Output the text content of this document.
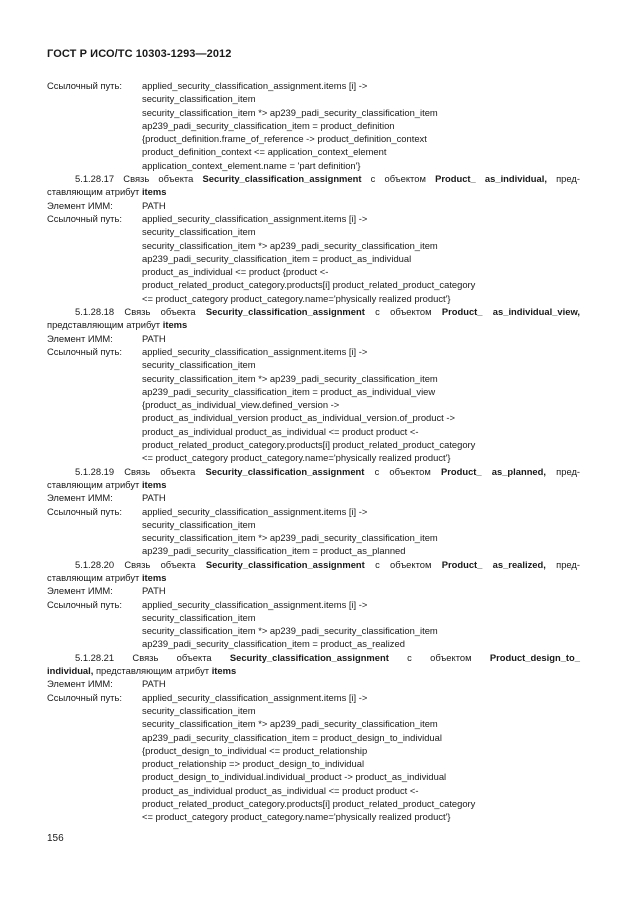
ГОСТ Р ИСО/ТС 10303-1293—2012
Ссылочный путь: applied_security_classification_assignment.items [i] ->
security_classification_item
security_classification_item *> ap239_padi_security_classification_item
ap239_padi_security_classification_item = product_definition
{product_definition.frame_of_reference -> product_definition_context
product_definition_context <= application_context_element
application_context_element.name = 'part definition'}
5.1.28.17 Связь объекта Security_classification_assignment с объектом Product_ as_individual, пред-
ставляющим атрибут items
Элемент ИММ:	PATH
Ссылочный путь: applied_security_classification_assignment.items [i] ->
security_classification_item
security_classification_item *> ap239_padi_security_classification_item
ap239_padi_security_classification_item = product_as_individual
product_as_individual <= product {product <-
product_related_product_category.products[i] product_related_product_category
<= product_category product_category.name='physically realized product'}
5.1.28.18 Связь объекта Security_classification_assignment с объектом Product_ as_individual_view,
представляющим атрибут items
Элемент ИММ:	PATH
Ссылочный путь: applied_security_classification_assignment.items [i] ->
security_classification_item
security_classification_item *> ap239_padi_security_classification_item
ap239_padi_security_classification_item = product_as_individual_view
{product_as_individual_view.defined_version ->
product_as_individual_version product_as_individual_version.of_product ->
product_as_individual product_as_individual <= product product <-
product_related_product_category.products[i] product_related_product_category
<= product_category product_category.name='physically realized product'}
5.1.28.19 Связь объекта Security_classification_assignment с объектом Product_ as_planned, пред-
ставляющим атрибут items
Элемент ИММ:	PATH
Ссылочный путь: applied_security_classification_assignment.items [i] ->
security_classification_item
security_classification_item *> ap239_padi_security_classification_item
ap239_padi_security_classification_item = product_as_planned
5.1.28.20 Связь объекта Security_classification_assignment с объектом Product_ as_realized, пред-
ставляющим атрибут items
Элемент ИММ:	PATH
Ссылочный путь: applied_security_classification_assignment.items [i] ->
security_classification_item
security_classification_item *> ap239_padi_security_classification_item
ap239_padi_security_classification_item = product_as_realized
5.1.28.21 Связь объекта Security_classification_assignment с объектом Product_design_to_
individual, представляющим атрибут items
Элемент ИММ:	PATH
Ссылочный путь: applied_security_classification_assignment.items [i] ->
security_classification_item
security_classification_item *> ap239_padi_security_classification_item
ap239_padi_security_classification_item = product_design_to_individual
{product_design_to_individual <= product_relationship
product_relationship => product_design_to_individual
product_design_to_individual.individual_product -> product_as_individual
product_as_individual product_as_individual <= product product <-
product_related_product_category.products[i] product_related_product_category
<= product_category product_category.name='physically realized product'}
156
